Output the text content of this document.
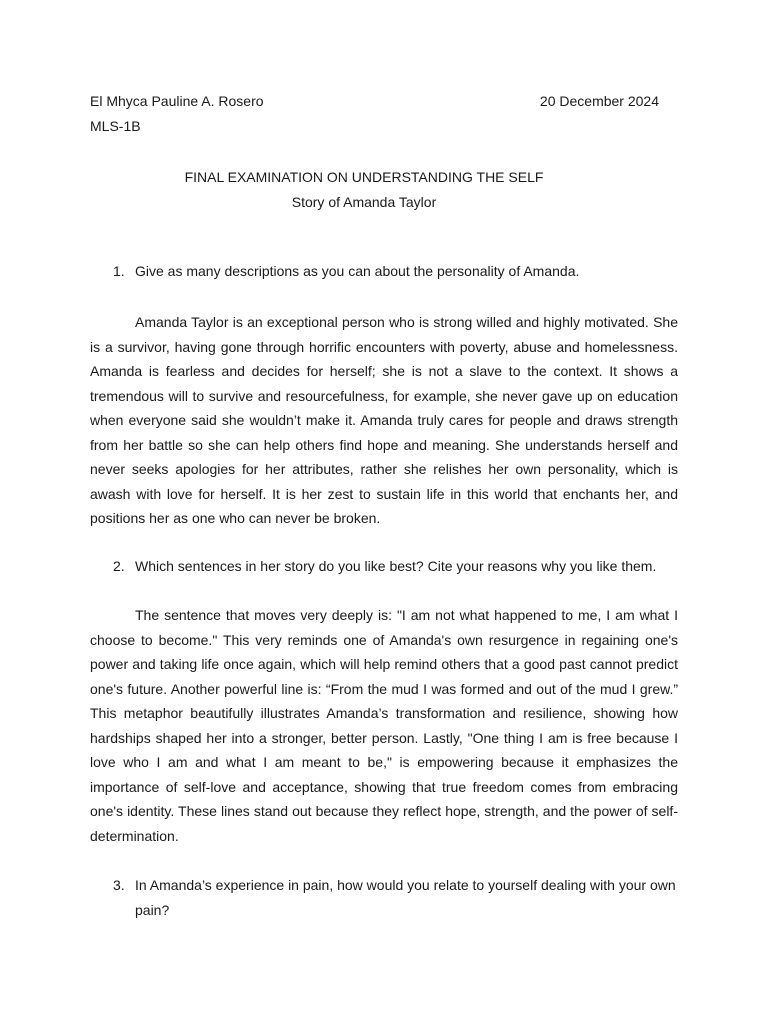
El Mhyca Pauline A. Rosero	20 December 2024
MLS-1B
FINAL EXAMINATION ON UNDERSTANDING THE SELF
Story of Amanda Taylor
1. Give as many descriptions as you can about the personality of Amanda.

Amanda Taylor is an exceptional person who is strong willed and highly motivated. She is a survivor, having gone through horrific encounters with poverty, abuse and homelessness. Amanda is fearless and decides for herself; she is not a slave to the context. It shows a tremendous will to survive and resourcefulness, for example, she never gave up on education when everyone said she wouldn’t make it. Amanda truly cares for people and draws strength from her battle so she can help others find hope and meaning. She understands herself and never seeks apologies for her attributes, rather she relishes her own personality, which is awash with love for herself. It is her zest to sustain life in this world that enchants her, and positions her as one who can never be broken.

2. Which sentences in her story do you like best? Cite your reasons why you like them.

The sentence that moves very deeply is: "I am not what happened to me, I am what I choose to become." This very reminds one of Amanda's own resurgence in regaining one's power and taking life once again, which will help remind others that a good past cannot predict one's future. Another powerful line is: “From the mud I was formed and out of the mud I grew.” This metaphor beautifully illustrates Amanda’s transformation and resilience, showing how hardships shaped her into a stronger, better person. Lastly, "One thing I am is free because I love who I am and what I am meant to be," is empowering because it emphasizes the importance of self-love and acceptance, showing that true freedom comes from embracing one's identity. These lines stand out because they reflect hope, strength, and the power of self-determination.

3. In Amanda’s experience in pain, how would you relate to yourself dealing with your own pain?
